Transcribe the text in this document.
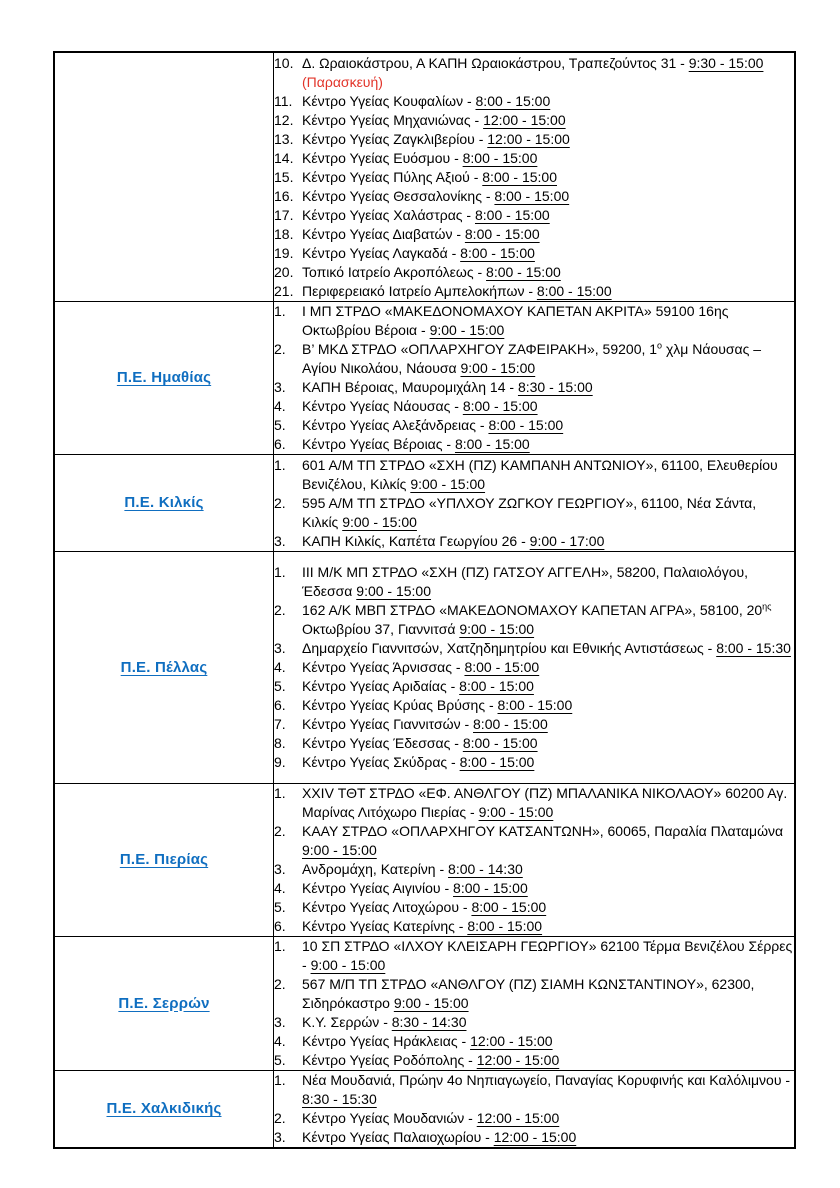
10. Δ. Ωραιοκάστρου, Α ΚΑΠΗ Ωραιοκάστρου, Τραπεζούντος 31 - 9:30 - 15:00 (Παρασκευή)
11. Κέντρο Υγείας Κουφαλίων - 8:00 - 15:00
12. Κέντρο Υγείας Μηχανιώνας - 12:00 - 15:00
13. Κέντρο Υγείας Ζαγκλιβερίου - 12:00 - 15:00
14. Κέντρο Υγείας Ευόσμου - 8:00 - 15:00
15. Κέντρο Υγείας Πύλης Αξιού - 8:00 - 15:00
16. Κέντρο Υγείας Θεσσαλονίκης - 8:00 - 15:00
17. Κέντρο Υγείας Χαλάστρας - 8:00 - 15:00
18. Κέντρο Υγείας Διαβατών - 8:00 - 15:00
19. Κέντρο Υγείας Λαγκαδά - 8:00 - 15:00
20. Τοπικό Ιατρείο Ακροπόλεως - 8:00 - 15:00
21. Περιφερειακό Ιατρείο Αμπελοκήπων - 8:00 - 15:00

Π.Ε. Ημαθίας	
1.	Ι ΜΠ ΣΤΡΔΟ «ΜΑΚΕΔΟΝΟΜΑΧΟΥ ΚΑΠΕΤΑΝ ΑΚΡΙΤΑ» 59100 16ης Οκτωβρίου Βέροια - 9:00 - 15:00
2.	Β’ ΜΚΔ ΣΤΡΔΟ «ΟΠΛΑΡΧΗΓΟΥ ΖΑΦΕΙΡΑΚΗ», 59200, $1^o$ χλμ Νάουσας – Αγίου Νικολάου, Νάουσα 9:00 - 15:00
3.	ΚΑΠΗ Βέροιας, Μαυρομιχάλη 14 - 8:30 - 15:00
4.	Κέντρο Υγείας Νάουσας - 8:00 - 15:00
5.	Κέντρο Υγείας Αλεξάνδρειας - 8:00 - 15:00
6.	Κέντρο Υγείας Βέροιας - 8:00 - 15:00

Π.Ε. Κιλκίς	
1.	601 Α/Μ ΤΠ ΣΤΡΔΟ «ΣΧΗ (ΠΖ) ΚΑΜΠΑΝΗ ΑΝΤΩΝΙΟΥ», 61100, Ελευθερίου Βενιζέλου, Κιλκίς 9:00 - 15:00
2.	595 Α/Μ ΤΠ ΣΤΡΔΟ «ΥΠΛΧΟΥ ΖΩΓΚΟΥ ΓΕΩΡΓΙΟΥ», 61100, Νέα Σάντα, Κιλκίς 9:00 - 15:00
3.	ΚΑΠΗ Κιλκίς, Καπέτα Γεωργίου 26 - 9:00 - 17:00

Π.Ε. Πέλλας	
1.	ΙΙΙ Μ/Κ ΜΠ ΣΤΡΔΟ «ΣΧΗ (ΠΖ) ΓΑΤΣΟΥ ΑΓΓΕΛΗ», 58200, Παλαιολόγου, Έδεσσα 9:00 - 15:00
2.	162 Α/Κ ΜΒΠ ΣΤΡΔΟ «ΜΑΚΕΔΟΝΟΜΑΧΟΥ ΚΑΠΕΤΑΝ ΑΓΡΑ», 58100, $20^{\eta\varsigma}$ Οκτωβρίου 37, Γιαννιτσά 9:00 - 15:00
3.	Δημαρχείο Γιαννιτσών, Χατζηδημητρίου και Εθνικής Αντιστάσεως - 8:00 - 15:30
4.	Κέντρο Υγείας Άρνισσας - 8:00 - 15:00
5.	Κέντρο Υγείας Αριδαίας - 8:00 - 15:00
6.	Κέντρο Υγείας Κρύας Βρύσης - 8:00 - 15:00
7.	Κέντρο Υγείας Γιαννιτσών - 8:00 - 15:00
8.	Κέντρο Υγείας Έδεσσας - 8:00 - 15:00
9.	Κέντρο Υγείας Σκύδρας - 8:00 - 15:00

Π.Ε. Πιερίας	
1.	XXIV ΤΘΤ ΣΤΡΔΟ «ΕΦ. ΑΝΘΛΓΟΥ (ΠΖ) ΜΠΑΛΑΝΙΚΑ ΝΙΚΟΛΑΟΥ» 60200 Αγ. Μαρίνας Λιτόχωρο Πιερίας - 9:00 - 15:00
2.	ΚΑΑΥ ΣΤΡΔΟ «ΟΠΛΑΡΧΗΓΟΥ ΚΑΤΣΑΝΤΩΝΗ», 60065, Παραλία Πλαταμώνα 9:00 - 15:00
3.	Ανδρομάχη, Κατερίνη - 8:00 - 14:30
4.	Κέντρο Υγείας Αιγινίου - 8:00 - 15:00
5.	Κέντρο Υγείας Λιτοχώρου - 8:00 - 15:00
6.	Κέντρο Υγείας Κατερίνης - 8:00 - 15:00

Π.Ε. Σερρών	
1.	10 ΣΠ ΣΤΡΔΟ «ΙΛΧΟΥ ΚΛΕΙΣΑΡΗ ΓΕΩΡΓΙΟΥ» 62100 Τέρμα Βενιζέλου Σέρρες - 9:00 - 15:00
2.	567 Μ/Π ΤΠ ΣΤΡΔΟ «ΑΝΘΛΓΟΥ (ΠΖ) ΣΙΑΜΗ ΚΩΝΣΤΑΝΤΙΝΟΥ», 62300, Σιδηρόκαστρο 9:00 - 15:00
3.	Κ.Υ. Σερρών - 8:30 - 14:30
4.	Κέντρο Υγείας Ηράκλειας - 12:00 - 15:00
5.	Κέντρο Υγείας Ροδόπολης - 12:00 - 15:00

Π.Ε. Χαλκιδικής	
1.	Νέα Μουδανιά, Πρώην 4ο Νηπιαγωγείο, Παναγίας Κορυφινής και Καλόλιμνου - 8:30 - 15:30
2.	Κέντρο Υγείας Μουδανιών - 12:00 - 15:00
3.	Κέντρο Υγείας Παλαιοχωρίου - 12:00 - 15:00
